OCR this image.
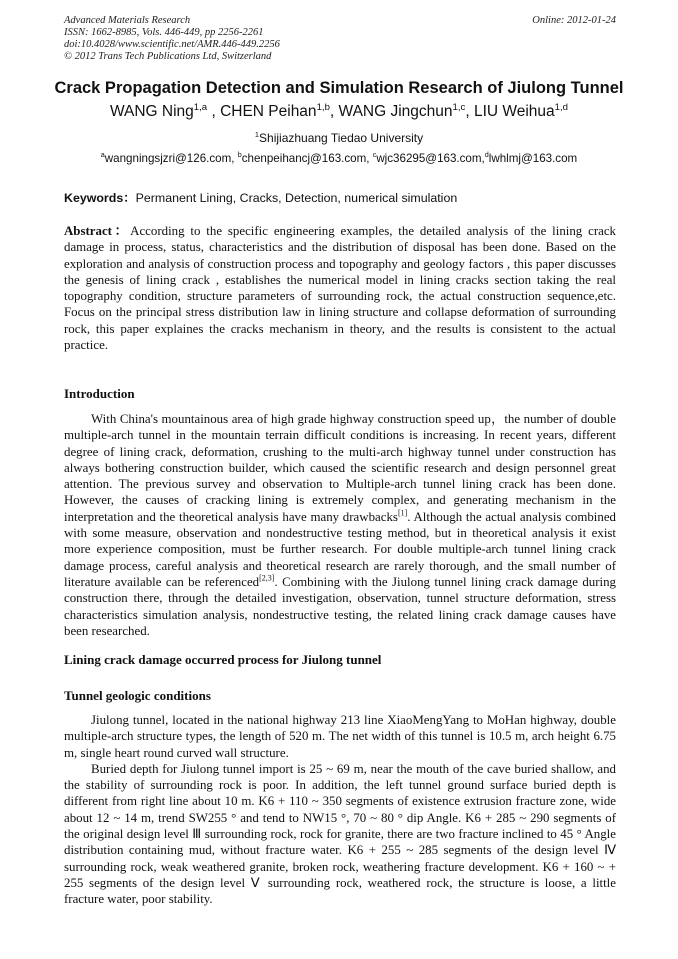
Advanced Materials Research
ISSN: 1662-8985, Vols. 446-449, pp 2256-2261
doi:10.4028/www.scientific.net/AMR.446-449.2256
© 2012 Trans Tech Publications Ltd, Switzerland
Online: 2012-01-24
Crack Propagation Detection and Simulation Research of Jiulong Tunnel
WANG Ning$^{1,a}$ , CHEN Peihan$^{1,b}$, WANG Jingchun$^{1,c}$, LIU Weihua$^{1,d}$
$^1$Shijiazhuang Tiedao University
$^a$wangningsjzri@126.com, $^b$chenpeihancj@163.com, $^c$wjc36295@163.com,$^d$lwhlmj@163.com
Keywords：Permanent Lining, Cracks, Detection, numerical simulation
Abstract：According to the specific engineering examples, the detailed analysis of the lining crack damage in process, status, characteristics and the distribution of disposal has been done. Based on the exploration and analysis of construction process and topography and geology factors , this paper discusses the genesis of lining crack , establishes the numerical model in lining cracks section taking the real topography condition, structure parameters of surrounding rock, the actual construction sequence,etc. Focus on the principal stress distribution law in lining structure and collapse deformation of surrounding rock, this paper explaines the cracks mechanism in theory, and the results is consistent to the actual practice.
Introduction

With China's mountainous area of high grade highway construction speed up，the number of double multiple-arch tunnel in the mountain terrain difficult conditions is increasing. In recent years, different degree of lining crack, deformation, crushing to the multi-arch highway tunnel under construction has always bothering construction builder, which caused the scientific research and design personnel great attention. The previous survey and observation to Multiple-arch tunnel lining crack has been done. However, the causes of cracking lining is extremely complex, and generating mechanism in the interpretation and the theoretical analysis have many drawbacks[1]. Although the actual analysis combined with some measure, observation and nondestructive testing method, but in theoretical analysis it exist more experience composition, must be further research. For double multiple-arch tunnel lining crack damage process, careful analysis and theoretical research are rarely thorough, and the small number of literature available can be referenced[2,3]. Combining with the Jiulong tunnel lining crack damage during construction there, through the detailed investigation, observation, tunnel structure deformation, stress characteristics simulation analysis, nondestructive testing, the related lining crack damage causes have been researched.

Lining crack damage occurred process for Jiulong tunnel
Tunnel geologic conditions

Jiulong tunnel, located in the national highway 213 line XiaoMengYang to MoHan highway, double multiple-arch structure types, the length of 520 m. The net width of this tunnel is 10.5 m, arch height 6.75 m, single heart round curved wall structure.

Buried depth for Jiulong tunnel import is 25 ~ 69 m, near the mouth of the cave buried shallow, and the stability of surrounding rock is poor. In addition, the left tunnel ground surface buried depth is different from right line about 10 m. K6 + 110 ~ 350 segments of existence extrusion fracture zone, wide about 12 ~ 14 m, trend SW255 ° and tend to NW15 °, 70 ~ 80 ° dip Angle. K6 + 285 ~ 290 segments of the original design level Ⅲ surrounding rock, rock for granite, there are two fracture inclined to 45 ° Angle distribution containing mud, without fracture water. K6 + 255 ~ 285 segments of the design level Ⅳ surrounding rock, weak weathered granite, broken rock, weathering fracture development. K6 + 160 ~ + 255 segments of the design level Ⅴ surrounding rock, weathered rock, the structure is loose, a little fracture water, poor stability.
